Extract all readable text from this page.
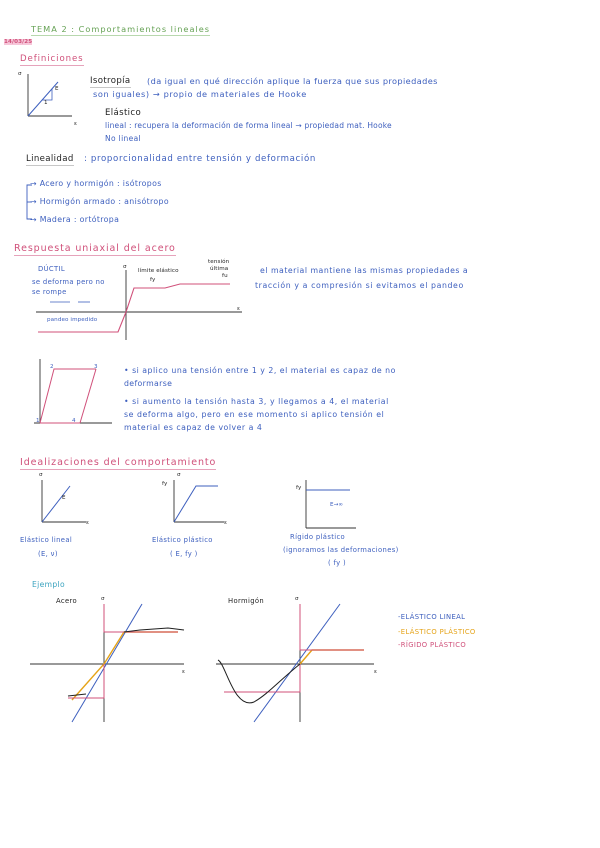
TEMA 2 : Comportamientos lineales
14/03/25
Definiciones
σ
ε
E
1
Isotropía (da igual en qué dirección aplique la fuerza que sus propiedades
son iguales) → propio de materiales de Hooke
Elástico
lineal : recupera la deformación de forma lineal → propiedad mat. Hooke
No lineal
Linealidad : proporcionalidad entre tensión y deformación
→ Acero y hormigón : isótropos
→ Hormigón armado : anisótropo
→ Madera : ortótropa
Respuesta uniaxial del acero
DÚCTIL
se deforma pero no
se rompe
límite elástico
fy
tensión
última
fu
σ
ε
pandeo impedido
el material mantiene las mismas propiedades a
tracción y a compresión si evitamos el pandeo
1
2	3
4
• si aplico una tensión entre 1 y 2, el material es capaz de no
deformarse
• si aumento la tensión hasta 3, y llegamos a 4, el material
se deforma algo, pero en ese momento si aplico tensión el
material es capaz de volver a 4
Idealizaciones del comportamiento
σ
ε
E
Elástico lineal
(E, ν)
σ
fy
ε
Elástico plástico
( E, fy )
fy
E→∞
Rígido plástico
(ignoramos las deformaciones)
( fy )
Ejemplo
Acero	Hormigón
σ
ε
σ
ε
-ELÁSTICO LINEAL
-ELÁSTICO PLÁSTICO
-RÍGIDO PLÁSTICO
